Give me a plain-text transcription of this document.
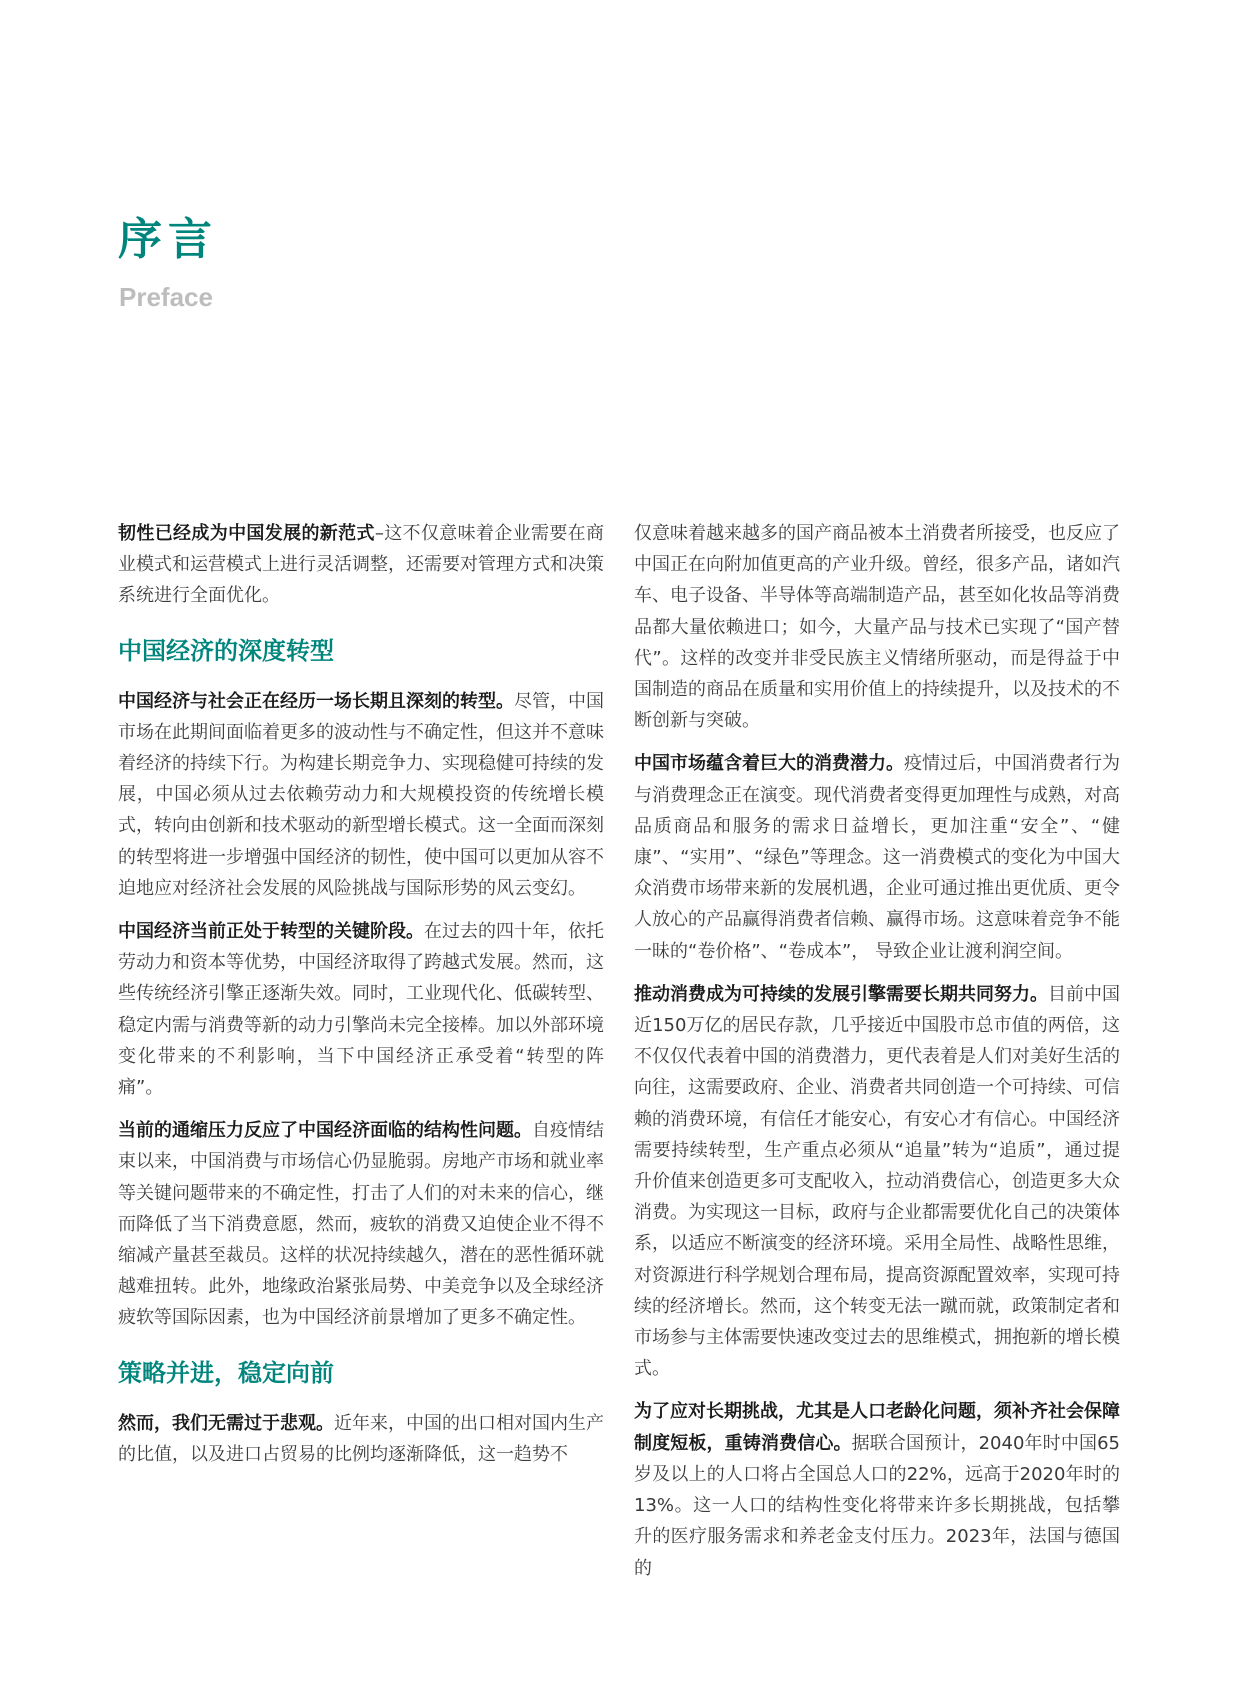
序言
Preface

韧性已经成为中国发展的新范式–这不仅意味着企业需要在商业模式和运营模式上进行灵活调整，还需要对管理方式和决策系统进行全面优化。

中国经济的深度转型

中国经济与社会正在经历一场长期且深刻的转型。尽管，中国市场在此期间面临着更多的波动性与不确定性，但这并不意味着经济的持续下行。为构建长期竞争力、实现稳健可持续的发展，中国必须从过去依赖劳动力和大规模投资的传统增长模式，转向由创新和技术驱动的新型增长模式。这一全面而深刻的转型将进一步增强中国经济的韧性，使中国可以更加从容不迫地应对经济社会发展的风险挑战与国际形势的风云变幻。

中国经济当前正处于转型的关键阶段。在过去的四十年，依托劳动力和资本等优势，中国经济取得了跨越式发展。然而，这些传统经济引擎正逐渐失效。同时，工业现代化、低碳转型、稳定内需与消费等新的动力引擎尚未完全接棒。加以外部环境变化带来的不利影响，当下中国经济正承受着“转型的阵痛”。

当前的通缩压力反应了中国经济面临的结构性问题。自疫情结束以来，中国消费与市场信心仍显脆弱。房地产市场和就业率等关键问题带来的不确定性，打击了人们的对未来的信心，继而降低了当下消费意愿，然而，疲软的消费又迫使企业不得不缩减产量甚至裁员。这样的状况持续越久，潜在的恶性循环就越难扭转。此外，地缘政治紧张局势、中美竞争以及全球经济疲软等国际因素，也为中国经济前景增加了更多不确定性。

策略并进，稳定向前

然而，我们无需过于悲观。近年来，中国的出口相对国内生产的比值，以及进口占贸易的比例均逐渐降低，这一趋势不

仅意味着越来越多的国产商品被本土消费者所接受，也反应了中国正在向附加值更高的产业升级。曾经，很多产品，诸如汽车、电子设备、半导体等高端制造产品，甚至如化妆品等消费品都大量依赖进口；如今，大量产品与技术已实现了“国产替代”。这样的改变并非受民族主义情绪所驱动，而是得益于中国制造的商品在质量和实用价值上的持续提升，以及技术的不断创新与突破。

中国市场蕴含着巨大的消费潜力。疫情过后，中国消费者行为与消费理念正在演变。现代消费者变得更加理性与成熟，对高品质商品和服务的需求日益增长，更加注重“安全”、“健康”、“实用”、“绿色”等理念。这一消费模式的变化为中国大众消费市场带来新的发展机遇，企业可通过推出更优质、更令人放心的产品赢得消费者信赖、赢得市场。这意味着竞争不能一昧的“卷价格”、“卷成本”， 导致企业让渡利润空间。

推动消费成为可持续的发展引擎需要长期共同努力。目前中国近150万亿的居民存款，几乎接近中国股市总市值的两倍，这不仅仅代表着中国的消费潜力，更代表着是人们对美好生活的向往，这需要政府、企业、消费者共同创造一个可持续、可信赖的消费环境，有信任才能安心，有安心才有信心。中国经济需要持续转型，生产重点必须从“追量”转为“追质”，通过提升价值来创造更多可支配收入，拉动消费信心，创造更多大众消费。为实现这一目标，政府与企业都需要优化自己的决策体系，以适应不断演变的经济环境。采用全局性、战略性思维，对资源进行科学规划合理布局，提高资源配置效率，实现可持续的经济增长。然而，这个转变无法一蹴而就，政策制定者和市场参与主体需要快速改变过去的思维模式，拥抱新的增长模式。

为了应对长期挑战，尤其是人口老龄化问题，须补齐社会保障制度短板，重铸消费信心。据联合国预计，2040年时中国65岁及以上的人口将占全国总人口的22%，远高于2020年时的13%。这一人口的结构性变化将带来许多长期挑战，包括攀升的医疗服务需求和养老金支付压力。2023年，法国与德国的
